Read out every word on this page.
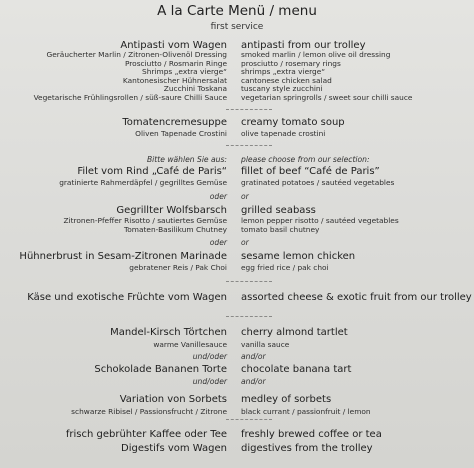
A la Carte Menü / menu
first service
Antipasti vom Wagen	antipasti from our trolley
Geräucherter Marlin / Zitronen-Olivenöl Dressing	smoked marlin / lemon olive oil dressing
Prosciutto / Rosmarin Ringe	prosciutto / rosemary rings
Shrimps „extra vierge“	shrimps „extra vierge“
Kantonesischer Hühnersalat	cantonese chicken salad
Zucchini Toskana	tuscany style zucchini
Vegetarische Frühlingsrollen / süß-saure Chilli Sauce	vegetarian springrolls / sweet sour chilli sauce
Tomatencremesuppe	creamy tomato soup
Oliven Tapenade Crostini	olive tapenade crostini
Bitte wählen Sie aus:	please choose from our selection:
Filet vom Rind „Café de Paris“	fillet of beef “Café de Paris”
gratinierte Rahmerdäpfel / gegrilltes Gemüse	gratinated potatoes / sautéed vegetables
oder	or
Gegrillter Wolfsbarsch	grilled seabass
Zitronen-Pfeffer Risotto / sautiertes Gemüse	lemon pepper risotto / sautéed vegetables
Tomaten-Basilikum Chutney	tomato basil chutney
oder	or
Hühnerbrust in Sesam-Zitronen Marinade	sesame lemon chicken
gebratener Reis / Pak Choi	egg fried rice / pak choi
Käse und exotische Früchte vom Wagen	assorted cheese & exotic fruit from our trolley
Mandel-Kirsch Törtchen	cherry almond tartlet
warme Vanillesauce	vanilla sauce
und/oder	and/or
Schokolade Bananen Torte	chocolate banana tart
und/oder	and/or
Variation von Sorbets	medley of sorbets
schwarze Ribisel / Passionsfrucht / Zitrone	black currant / passionfruit / lemon
frisch gebrühter Kaffee oder Tee	freshly brewed coffee or tea
Digestifs vom Wagen	digestives from the trolley
